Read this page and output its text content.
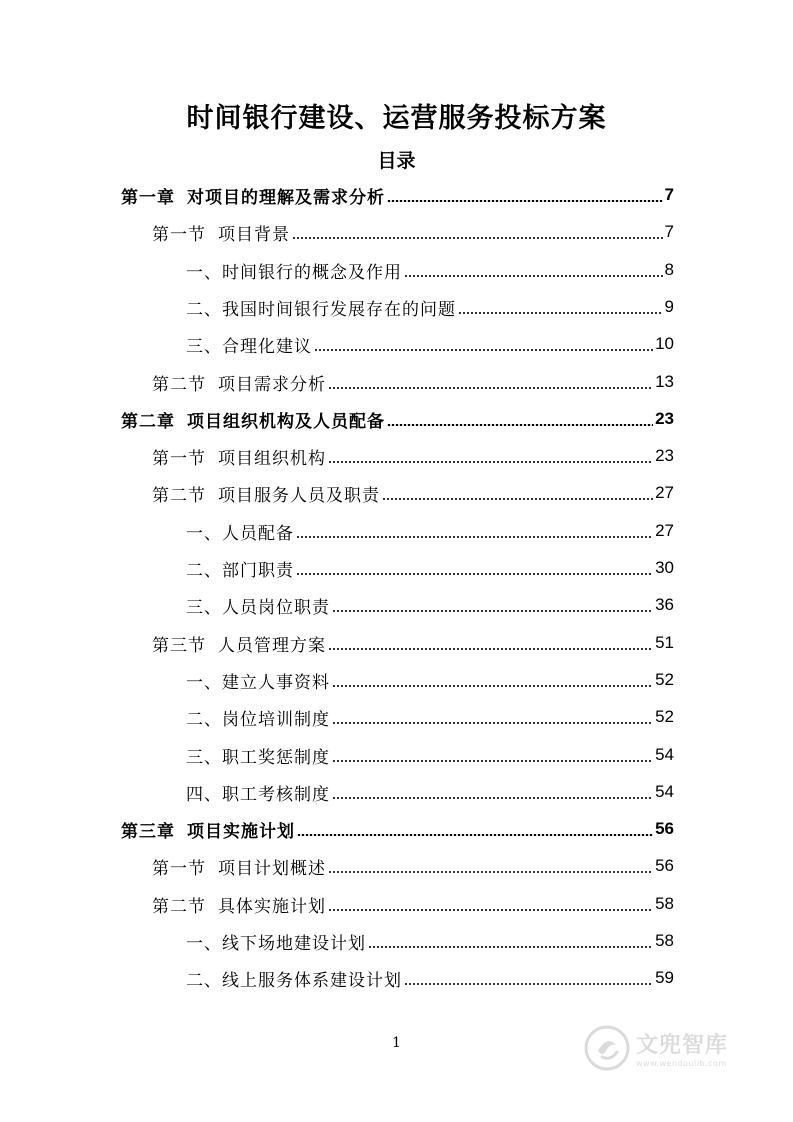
时间银行建设、运营服务投标方案
目录
第一章 对项目的理解及需求分析	7
第一节 项目背景	7
一、时间银行的概念及作用	8
二、我国时间银行发展存在的问题	9
三、合理化建议	10
第二节 项目需求分析	13
第二章 项目组织机构及人员配备	23
第一节 项目组织机构	23
第二节 项目服务人员及职责	27
一、人员配备	27
二、部门职责	30
三、人员岗位职责	36
第三节 人员管理方案	51
一、建立人事资料	52
二、岗位培训制度	52
三、职工奖惩制度	54
四、职工考核制度	54
第三章 项目实施计划	56
第一节 项目计划概述	56
第二节 具体实施计划	58
一、线下场地建设计划	58
二、线上服务体系建设计划	59
1	文兜智库
www.wendoulib.com
